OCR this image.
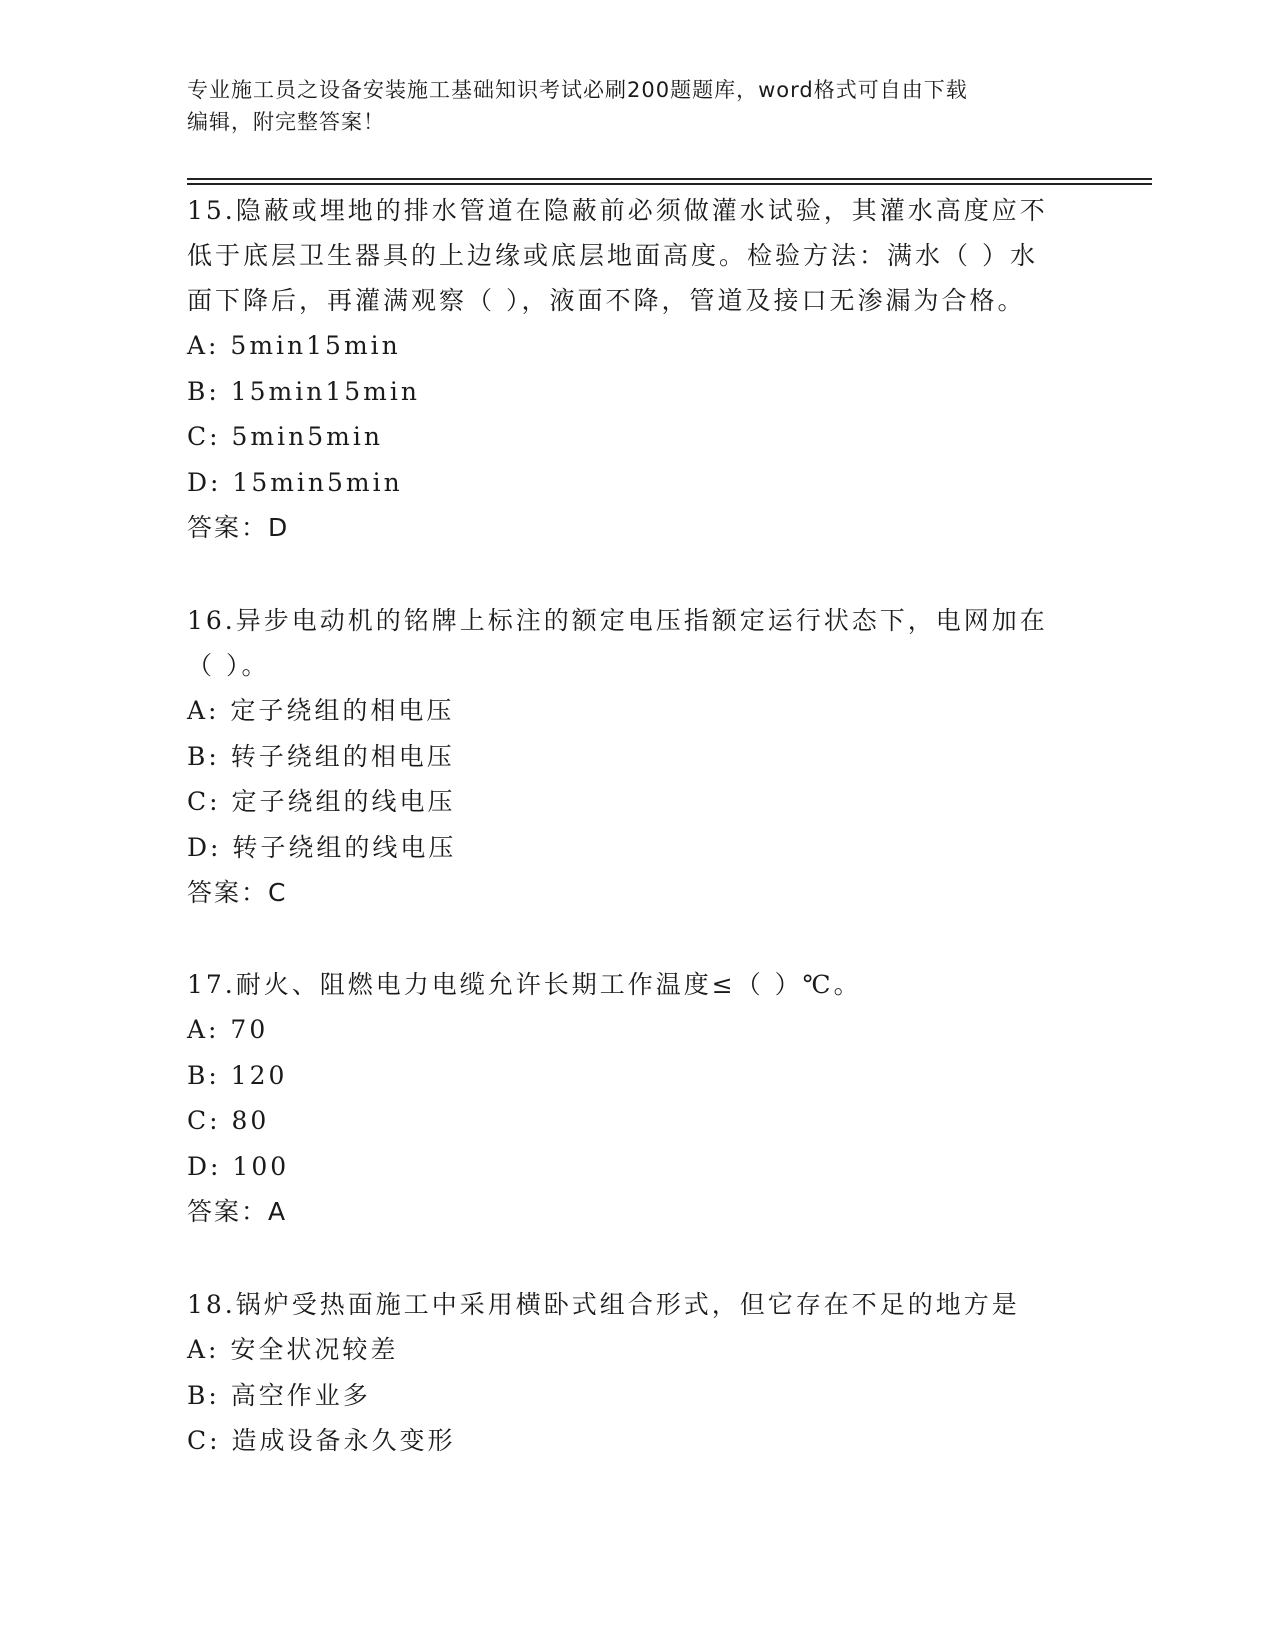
专业施工员之设备安装施工基础知识考试必刷200题题库，word格式可自由下载
编辑，附完整答案！
15.隐蔽或埋地的排水管道在隐蔽前必须做灌水试验，其灌水高度应不
低于底层卫生器具的上边缘或底层地面高度。检验方法：满水（ ）水
面下降后，再灌满观察（ ），液面不降，管道及接口无渗漏为合格。
A: 5min15min
B: 15min15min
C: 5min5min
D: 15min5min
答案：D
16.异步电动机的铭牌上标注的额定电压指额定运行状态下，电网加在
（ ）。
A: 定子绕组的相电压
B: 转子绕组的相电压
C: 定子绕组的线电压
D: 转子绕组的线电压
答案：C
17.耐火、阻燃电力电缆允许长期工作温度≤（ ）℃。
A: 70
B: 120
C: 80
D: 100
答案：A
18.锅炉受热面施工中采用横卧式组合形式，但它存在不足的地方是
A: 安全状况较差
B: 高空作业多
C: 造成设备永久变形
